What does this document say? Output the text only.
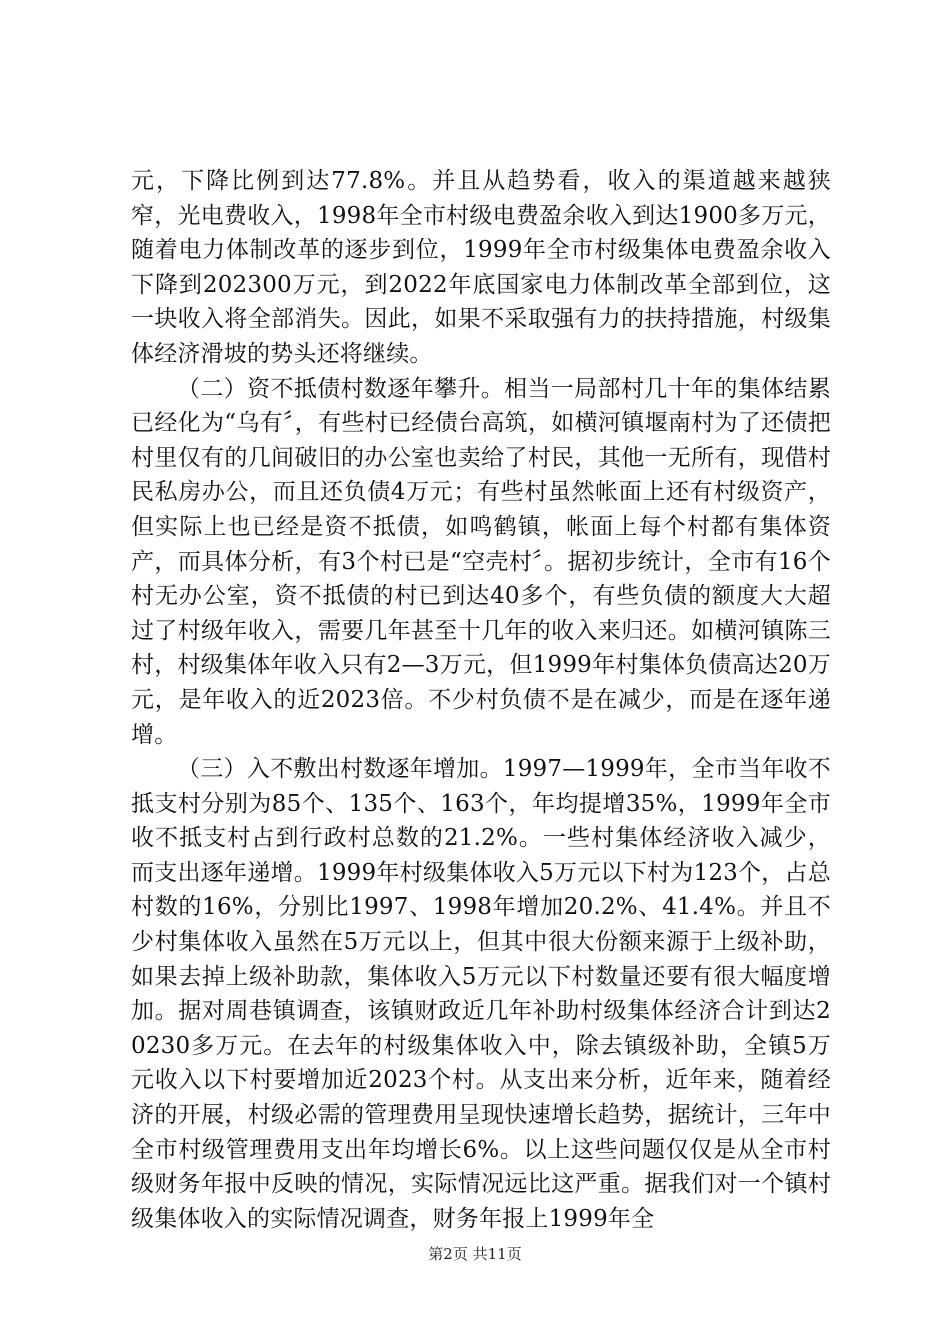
元，下降比例到达77.8%。并且从趋势看，收入的渠道越来越狭窄，光电费收入，1998年全市村级电费盈余收入到达1900多万元，随着电力体制改革的逐步到位，1999年全市村级集体电费盈余收入下降到202300万元，到2022年底国家电力体制改革全部到位，这一块收入将全部消失。因此，如果不采取强有力的扶持措施，村级集体经济滑坡的势头还将继续。

（二）资不抵债村数逐年攀升。相当一局部村几十年的集体结累已经化为“乌有〞，有些村已经债台高筑，如横河镇堰南村为了还债把村里仅有的几间破旧的办公室也卖给了村民，其他一无所有，现借村民私房办公，而且还负债4万元；有些村虽然帐面上还有村级资产，但实际上也已经是资不抵债，如鸣鹤镇，帐面上每个村都有集体资产，而具体分析，有3个村已是“空壳村〞。据初步统计，全市有16个村无办公室，资不抵债的村已到达40多个，有些负债的额度大大超过了村级年收入，需要几年甚至十几年的收入来归还。如横河镇陈三村，村级集体年收入只有2—3万元，但1999年村集体负债高达20万元，是年收入的近2023倍。不少村负债不是在减少，而是在逐年递增。

（三）入不敷出村数逐年增加。1997—1999年，全市当年收不抵支村分别为85个、135个、163个，年均提增35%，1999年全市收不抵支村占到行政村总数的21.2%。一些村集体经济收入减少，而支出逐年递增。1999年村级集体收入5万元以下村为123个，占总村数的16%，分别比1997、1998年增加20.2%、41.4%。并且不少村集体收入虽然在5万元以上，但其中很大份额来源于上级补助，如果去掉上级补助款，集体收入5万元以下村数量还要有很大幅度增加。据对周巷镇调查，该镇财政近几年补助村级集体经济合计到达20230多万元。在去年的村级集体收入中，除去镇级补助，全镇5万元收入以下村要增加近2023个村。从支出来分析，近年来，随着经济的开展，村级必需的管理费用呈现快速增长趋势，据统计，三年中全市村级管理费用支出年均增长6%。以上这些问题仅仅是从全市村级财务年报中反映的情况，实际情况远比这严重。据我们对一个镇村级集体收入的实际情况调查，财务年报上1999年全

第2页 共11页
